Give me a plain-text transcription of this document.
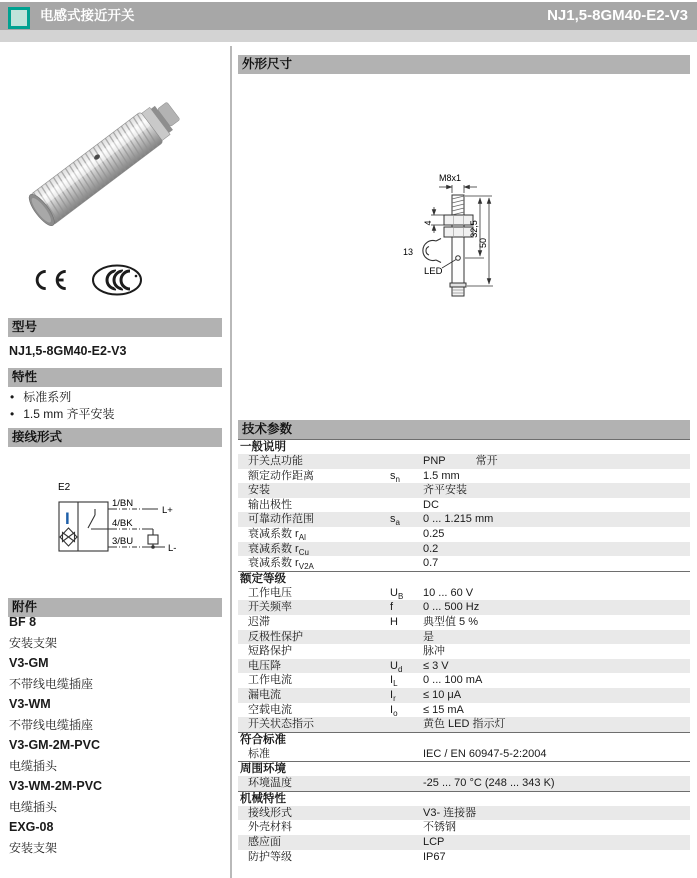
电感式接近开关	NJ1,5-8GM40-E2-V3
型号
NJ1,5-8GM40-E2-V3
特性
• 标准系列
• 1.5 mm 齐平安装
接线形式
E2
I
1/BN
4/BK
3/BU
L+
L-
附件
BF 8
安装支架
V3-GM
不带线电缆插座
V3-WM
不带线电缆插座
V3-GM-2M-PVC
电缆插头
V3-WM-2M-PVC
电缆插头
EXG-08
安装支架
外形尺寸
M8x1
4	32,5
50
13
LED
技术参数
一般说明
开关点功能	PNP	常开
额定动作距离	$s_n$	1.5 mm
安装	齐平安装
输出极性	DC
可靠动作范围	$s_a$	0 ... 1.215 mm
衰减系数 $r_{Al}$	0.25
衰减系数 $r_{Cu}$	0.2
衰减系数 $r_{V2A}$	0.7
额定等级
工作电压	$U_B$	10 ... 60 V
开关频率	f	0 ... 500 Hz
迟滞	H	典型值 5 %
反极性保护	是
短路保护	脉冲
电压降	$U_d$	≤ 3 V
工作电流	$I_L$	0 ... 100 mA
漏电流	$I_r$	≤ 10 μA
空载电流	$I_o$	≤ 15 mA
开关状态指示	黄色 LED 指示灯
符合标准
标准	IEC / EN 60947-5-2:2004
周围环境
环境温度	-25 ... 70 °C (248 ... 343 K)
机械特性
接线形式	V3- 连接器
外壳材料	不锈钢
感应面	LCP
防护等级	IP67
